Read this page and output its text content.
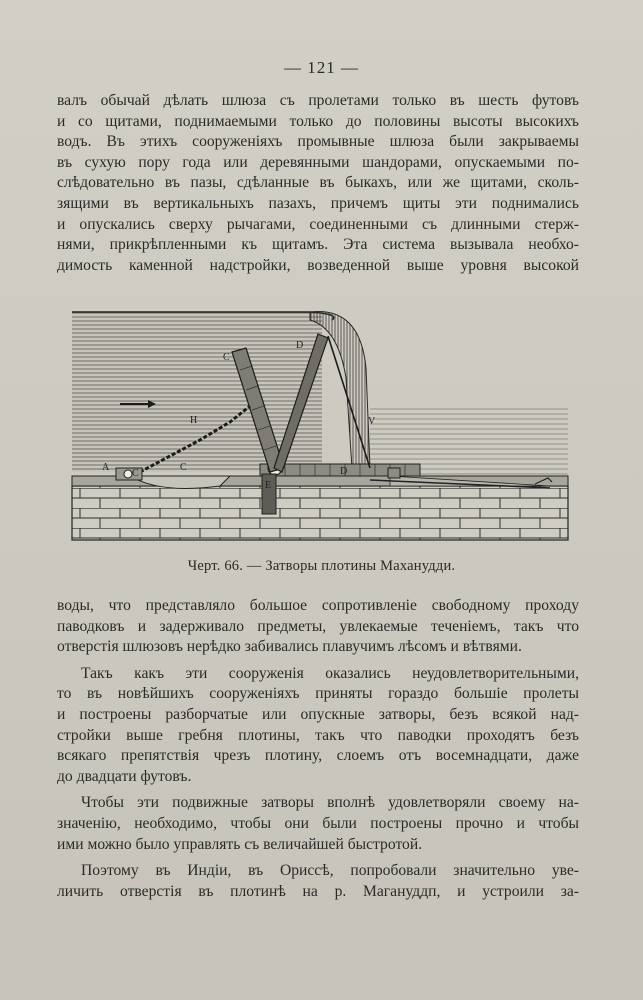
— 121 —

валъ обычай дѣлать шлюза съ пролетами только въ шесть футовъ

и со щитами, поднимаемыми только до половины высоты высокихъ

водъ. Въ этихъ сооруженіяхъ промывные шлюза были закрываемы

въ сухую пору года или деревянными шандорами, опускаемыми по-

слѣдовательно въ пазы, сдѣланные въ быкахъ, или же щитами, сколь-

зящими въ вертикальныхъ пазахъ, причемъ щиты эти поднимались

и опускались сверху рычагами, соединенными съ длинными стерж-

нями, прикрѣпленными къ щитамъ. Эта система вызывала необхо-

димость каменной надстройки, возведенной выше уровня высокой

A
C
C
C
D
D
H
E
V
Черт. 66. — Затворы плотины Маханудди.

воды, что представляло большое сопротивленіе свободному проходу

паводковъ и задерживало предметы, увлекаемые теченіемъ, такъ что

отверстія шлюзовъ нерѣдко забивались плавучимъ лѣсомъ и вѣтвями.

Такъ какъ эти сооруженія оказались неудовлетворительными,

то въ новѣйшихъ сооруженіяхъ приняты гораздо большіе пролеты

и построены разборчатые или опускные затворы, безъ всякой над-

стройки выше гребня плотины, такъ что паводки проходятъ безъ

всякаго препятствія чрезъ плотину, слоемъ отъ восемнадцати, даже

до двадцати футовъ.

Чтобы эти подвижные затворы вполнѣ удовлетворяли своему на-

значенію, необходимо, чтобы они были построены прочно и чтобы

ими можно было управлять съ величайшей быстротой.

Поэтому въ Индіи, въ Ориссѣ, попробовали значительно уве-

личить отверстія въ плотинѣ на р. Магануддп, и устроили за-
